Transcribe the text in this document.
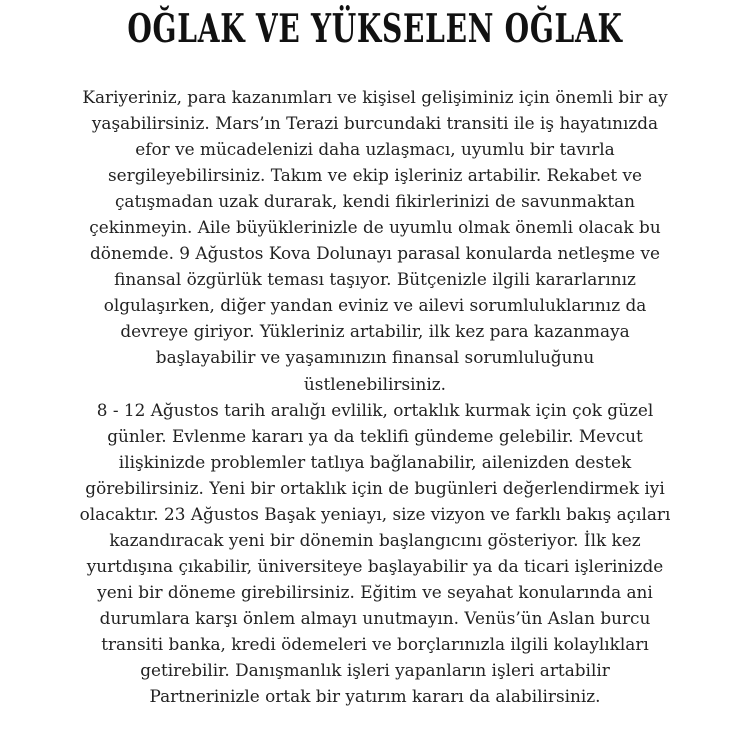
OĞLAK VE YÜKSELEN OĞLAK
Kariyeriniz, para kazanımları ve kişisel gelişiminiz için önemli bir ay
yaşabilirsiniz. Mars’ın Terazi burcundaki transiti ile iş hayatınızda
efor ve mücadelenizi daha uzlaşmacı, uyumlu bir tavırla
sergileyebilirsiniz. Takım ve ekip işleriniz artabilir. Rekabet ve
çatışmadan uzak durarak, kendi fikirlerinizi de savunmaktan
çekinmeyin. Aile büyüklerinizle de uyumlu olmak önemli olacak bu
dönemde. 9 Ağustos Kova Dolunayı parasal konularda netleşme ve
finansal özgürlük teması taşıyor. Bütçenizle ilgili kararlarınız
olgulaşırken, diğer yandan eviniz ve ailevi sorumluluklarınız da
devreye giriyor. Yükleriniz artabilir, ilk kez para kazanmaya
başlayabilir ve yaşamınızın finansal sorumluluğunu
üstlenebilirsiniz.
8 - 12 Ağustos tarih aralığı evlilik, ortaklık kurmak için çok güzel
günler. Evlenme kararı ya da teklifi gündeme gelebilir. Mevcut
ilişkinizde problemler tatlıya bağlanabilir, ailenizden destek
görebilirsiniz. Yeni bir ortaklık için de bugünleri değerlendirmek iyi
olacaktır. 23 Ağustos Başak yeniayı, size vizyon ve farklı bakış açıları
kazandıracak yeni bir dönemin başlangıcını gösteriyor. İlk kez
yurtdışına çıkabilir, üniversiteye başlayabilir ya da ticari işlerinizde
yeni bir döneme girebilirsiniz. Eğitim ve seyahat konularında ani
durumlara karşı önlem almayı unutmayın. Venüs’ün Aslan burcu
transiti banka, kredi ödemeleri ve borçlarınızla ilgili kolaylıkları
getirebilir. Danışmanlık işleri yapanların işleri artabilir
Partnerinizle ortak bir yatırım kararı da alabilirsiniz.
